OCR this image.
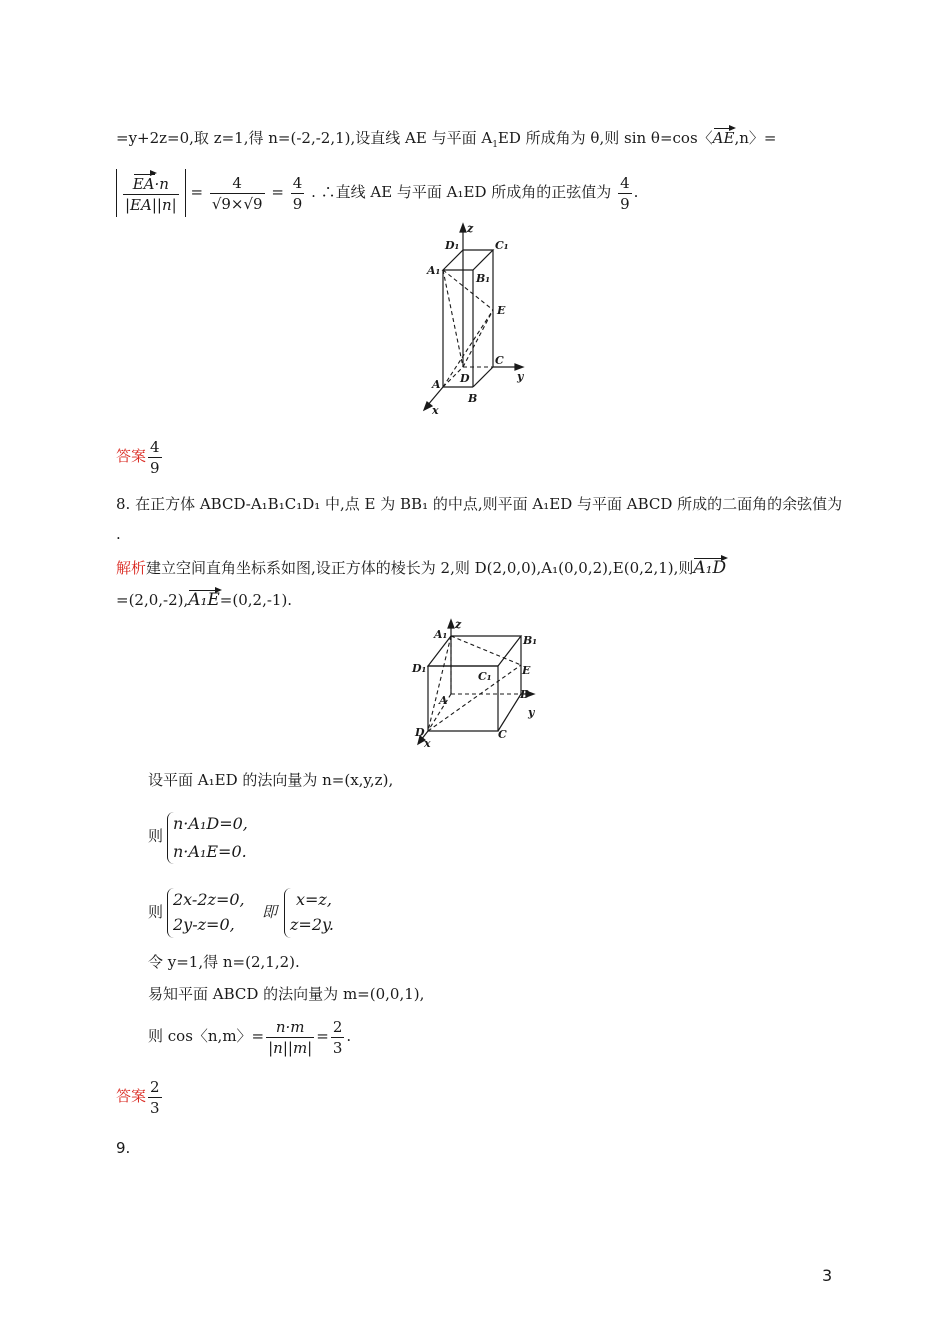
=y+2z=0,取 z=1,得 n=(-2,-2,1),设直线 AE 与平面 $A_1ED$ 所成角为 θ,则 sin θ=cos〈AE,n〉=
$\frac{EA\cdot n}{|EA||n|} = \frac{4}{√9\times√9} = \frac{4}{9}$ . ∴直线 AE 与平面 A₁ED 所成角的正弦值为 $\frac{4}{9}$ .
z
D₁	C₁
A₁
B₁
E
C
y
A D
B
x
答案 $\frac{4}{9}$
8. 在正方体 ABCD-A₁B₁C₁D₁ 中,点 E 为 BB₁ 的中点,则平面 A₁ED 与平面 ABCD 所成的二面角的余弦值为
.
解析建立空间直角坐标系如图,设正方体的棱长为 2,则 D(2,0,0),A₁(0,0,2),E(0,2,1),则A₁D
=(2,0,-2),A₁E=(0,2,-1).
A₁
z
B₁
D₁	E
C₁
B
A
y
D
x
C
设平面 A₁ED 的法向量为 n=(x,y,z),
则
n·A₁D=0,
n·A₁E=0.
则
2x-2z=0,
2y-z=0,
即
x=z,
z=2y.
令 y=1,得 n=(2,1,2).
易知平面 ABCD 的法向量为 m=(0,0,1),
则 cos〈n,m〉= $\frac{n\cdot m}{|n||m|} = \frac{2}{3}$ .
答案 $\frac{2}{3}$
9.
3
